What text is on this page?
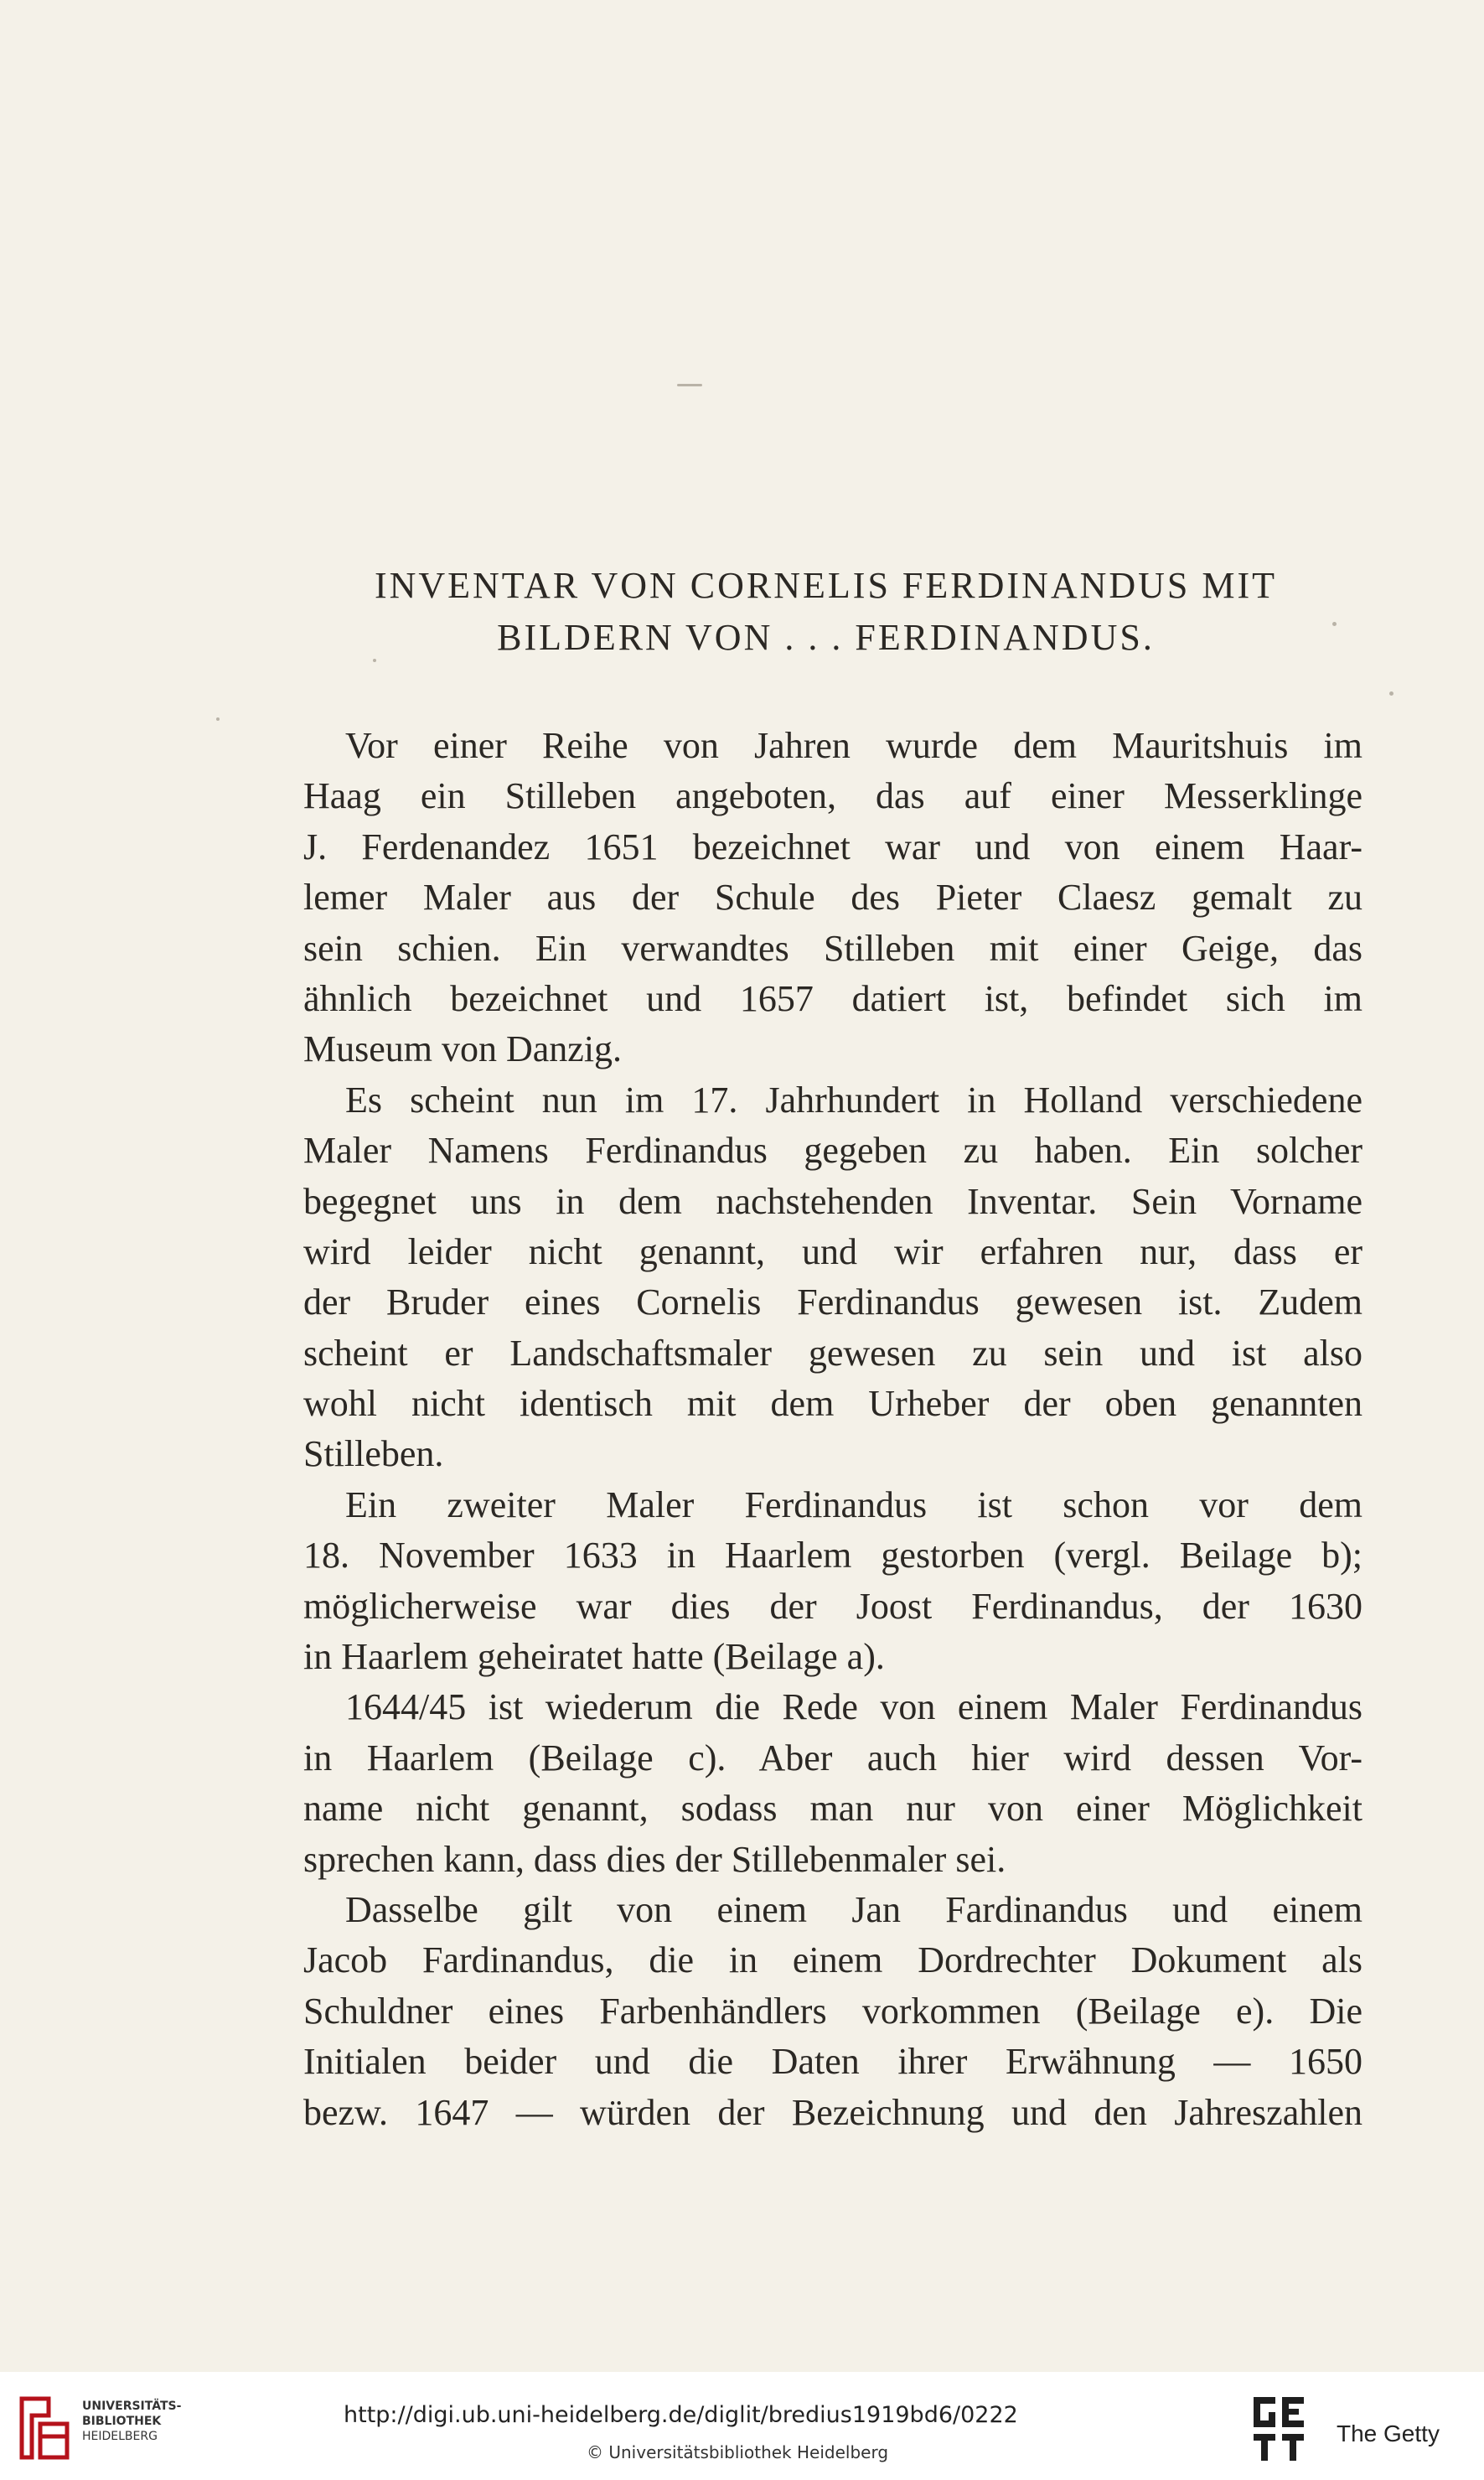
INVENTAR VON CORNELIS FERDINANDUS MIT
BILDERN VON . . . FERDINANDUS.
Vor einer Reihe von Jahren wurde dem Mauritshuis im
Haag ein Stilleben angeboten, das auf einer Messerklinge
J. Ferdenandez 1651 bezeichnet war und von einem Haar-
lemer Maler aus der Schule des Pieter Claesz gemalt zu
sein schien. Ein verwandtes Stilleben mit einer Geige, das
ähnlich bezeichnet und 1657 datiert ist, befindet sich im
Museum von Danzig.
Es scheint nun im 17. Jahrhundert in Holland verschiedene
Maler Namens Ferdinandus gegeben zu haben. Ein solcher
begegnet uns in dem nachstehenden Inventar. Sein Vorname
wird leider nicht genannt, und wir erfahren nur, dass er
der Bruder eines Cornelis Ferdinandus gewesen ist. Zudem
scheint er Landschaftsmaler gewesen zu sein und ist also
wohl nicht identisch mit dem Urheber der oben genannten
Stilleben.
Ein zweiter Maler Ferdinandus ist schon vor dem
18. November 1633 in Haarlem gestorben (vergl. Beilage b);
möglicherweise war dies der Joost Ferdinandus, der 1630
in Haarlem geheiratet hatte (Beilage a).
1644/45 ist wiederum die Rede von einem Maler Ferdinandus
in Haarlem (Beilage c). Aber auch hier wird dessen Vor-
name nicht genannt, sodass man nur von einer Möglichkeit
sprechen kann, dass dies der Stillebenmaler sei.
Dasselbe gilt von einem Jan Fardinandus und einem
Jacob Fardinandus, die in einem Dordrechter Dokument als
Schuldner eines Farbenhändlers vorkommen (Beilage e). Die
Initialen beider und die Daten ihrer Erwähnung — 1650
bezw. 1647 — würden der Bezeichnung und den Jahreszahlen
UNIVERSITÄTS-
BIBLIOTHEK
HEIDELBERG
http://digi.ub.uni-heidelberg.de/diglit/bredius1919bd6/0222
© Universitätsbibliothek Heidelberg
The Getty
